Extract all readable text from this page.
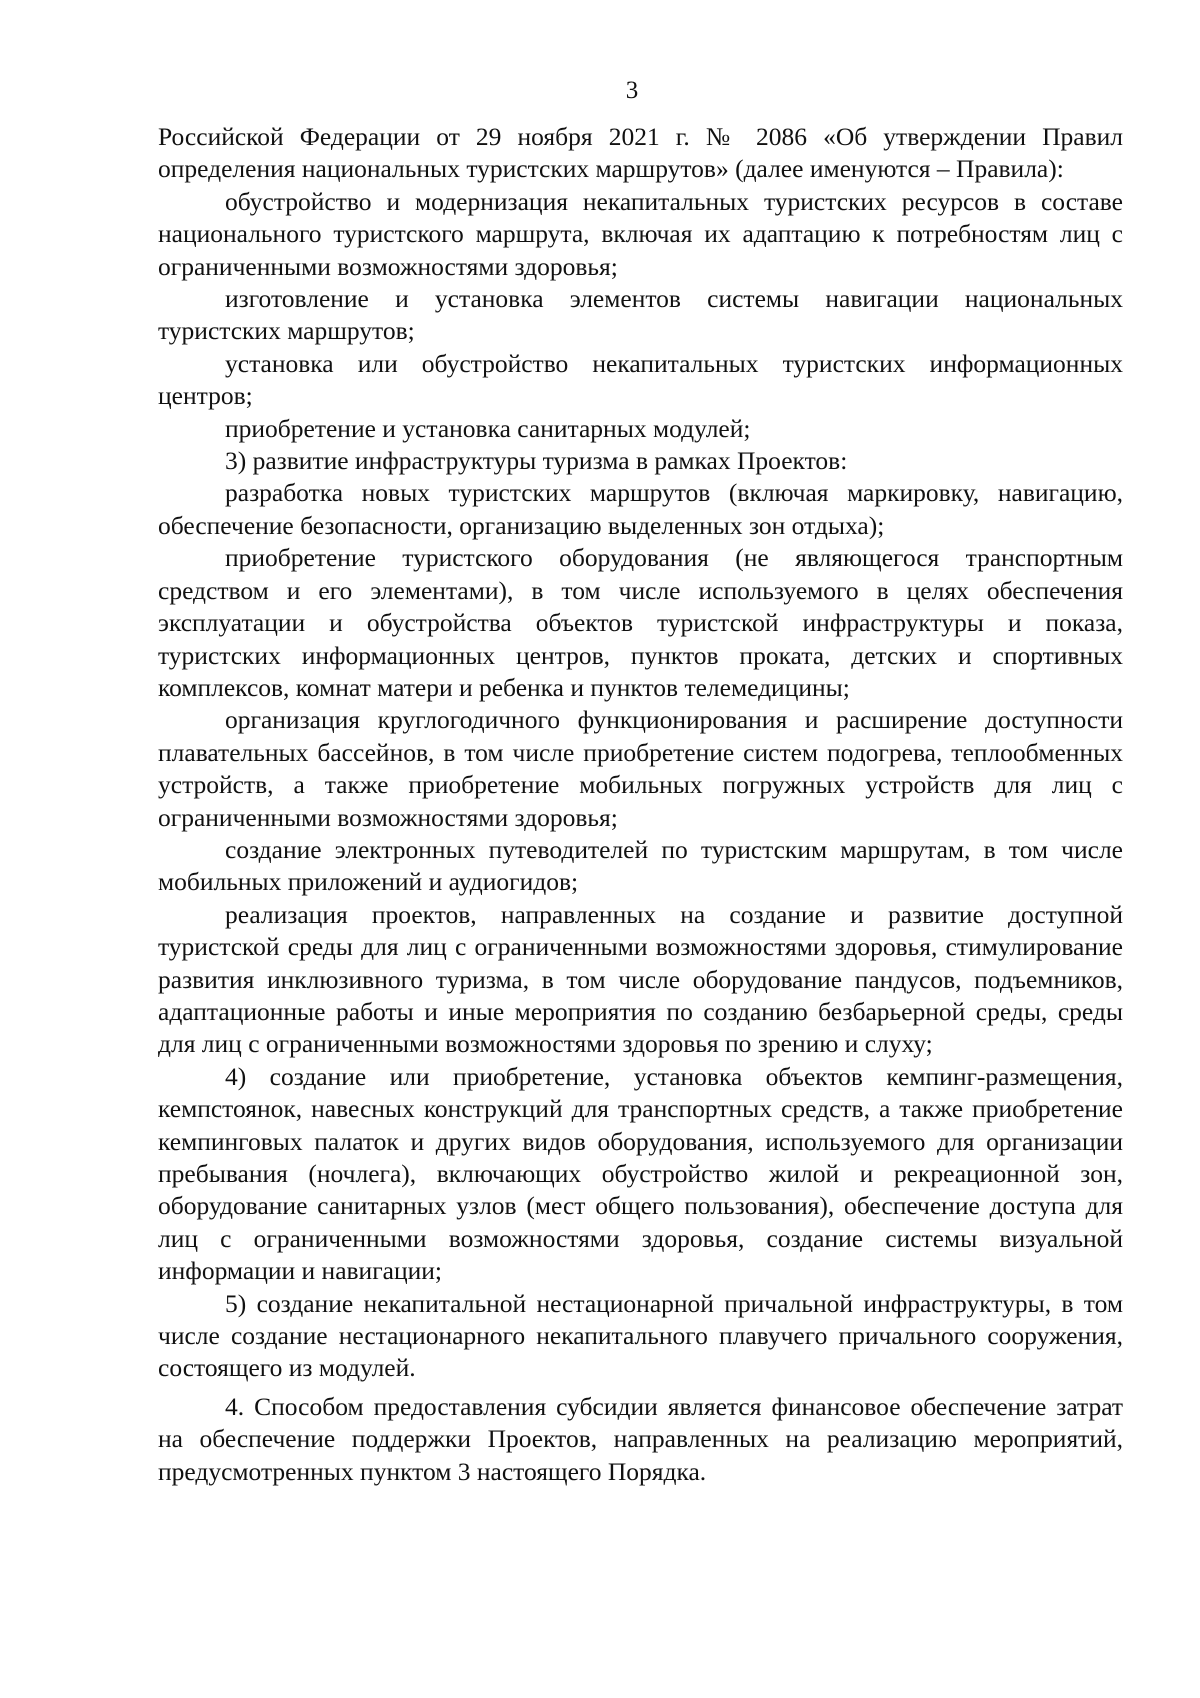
3

Российской Федерации от 29 ноября 2021 г. № 2086 «Об утверждении Правил определения национальных туристских маршрутов» (далее именуются – Правила):

обустройство и модернизация некапитальных туристских ресурсов в составе национального туристского маршрута, включая их адаптацию к потребностям лиц с ограниченными возможностями здоровья;

изготовление и установка элементов системы навигации национальных туристских маршрутов;

установка или обустройство некапитальных туристских информационных центров;

приобретение и установка санитарных модулей;

3) развитие инфраструктуры туризма в рамках Проектов:

разработка новых туристских маршрутов (включая маркировку, навигацию, обеспечение безопасности, организацию выделенных зон отдыха);

приобретение туристского оборудования (не являющегося транспортным средством и его элементами), в том числе используемого в целях обеспечения эксплуатации и обустройства объектов туристской инфраструктуры и показа, туристских информационных центров, пунктов проката, детских и спортивных комплексов, комнат матери и ребенка и пунктов телемедицины;

организация круглогодичного функционирования и расширение доступности плавательных бассейнов, в том числе приобретение систем подогрева, теплообменных устройств, а также приобретение мобильных погружных устройств для лиц с ограниченными возможностями здоровья;

создание электронных путеводителей по туристским маршрутам, в том числе мобильных приложений и аудиогидов;

реализация проектов, направленных на создание и развитие доступной туристской среды для лиц с ограниченными возможностями здоровья, стимулирование развития инклюзивного туризма, в том числе оборудование пандусов, подъемников, адаптационные работы и иные мероприятия по созданию безбарьерной среды, среды для лиц с ограниченными возможностями здоровья по зрению и слуху;

4) создание или приобретение, установка объектов кемпинг-размещения, кемпстоянок, навесных конструкций для транспортных средств, а также приобретение кемпинговых палаток и других видов оборудования, используемого для организации пребывания (ночлега), включающих обустройство жилой и рекреационной зон, оборудование санитарных узлов (мест общего пользования), обеспечение доступа для лиц с ограниченными возможностями здоровья, создание системы визуальной информации и навигации;

5) создание некапитальной нестационарной причальной инфраструктуры, в том числе создание нестационарного некапитального плавучего причального сооружения, состоящего из модулей.

4. Способом предоставления субсидии является финансовое обеспечение затрат на обеспечение поддержки Проектов, направленных на реализацию мероприятий, предусмотренных пунктом 3 настоящего Порядка.
